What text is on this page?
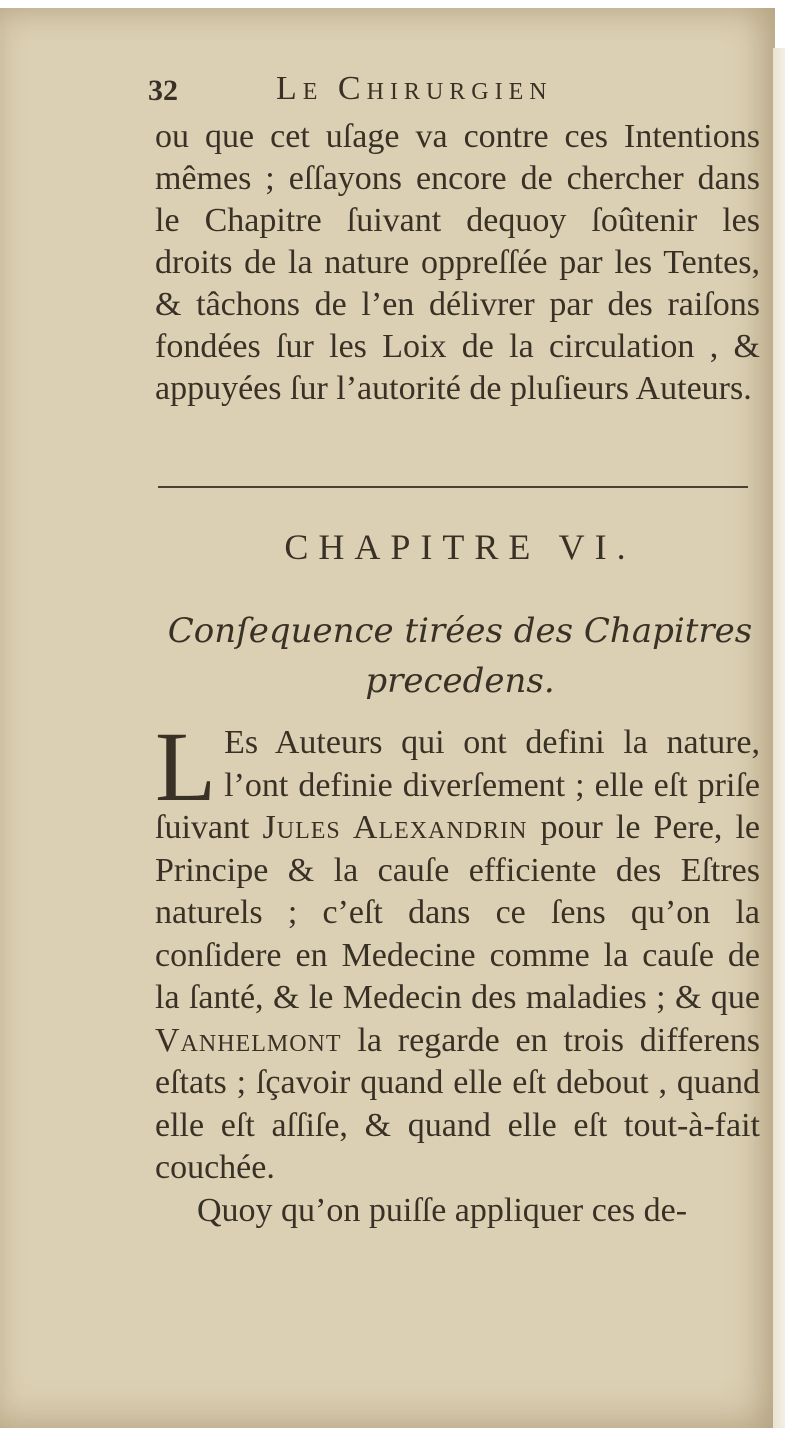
32	Le Chirurgien

ou que cet uſage va contre ces Intentions mêmes ; eſſayons encore de chercher dans le Chapitre ſuivant dequoy ſoûtenir les droits de la nature oppreſſée par les Tentes, & tâchons de l’en délivrer par des raiſons fondées ſur les Loix de la circulation , & appuyées ſur l’autorité de pluſieurs Auteurs.

CHAPITRE VI.
Conſequence tirées des Chapitres
precedens.

L Es Auteurs qui ont defini la nature, l’ont definie diverſement ; elle eſt priſe ſuivant Jules Alexandrin pour le Pere, le Principe & la cauſe efficiente des Eſtres naturels ; c’eſt dans ce ſens qu’on la conſidere en Medecine comme la cauſe de la ſanté, & le Medecin des maladies ; & que Vanhelmont la regarde en trois differens eſtats ; ſçavoir quand elle eſt debout , quand elle eſt aſſiſe, & quand elle eſt tout-à-fait couchée.

Quoy qu’on puiſſe appliquer ces de-
